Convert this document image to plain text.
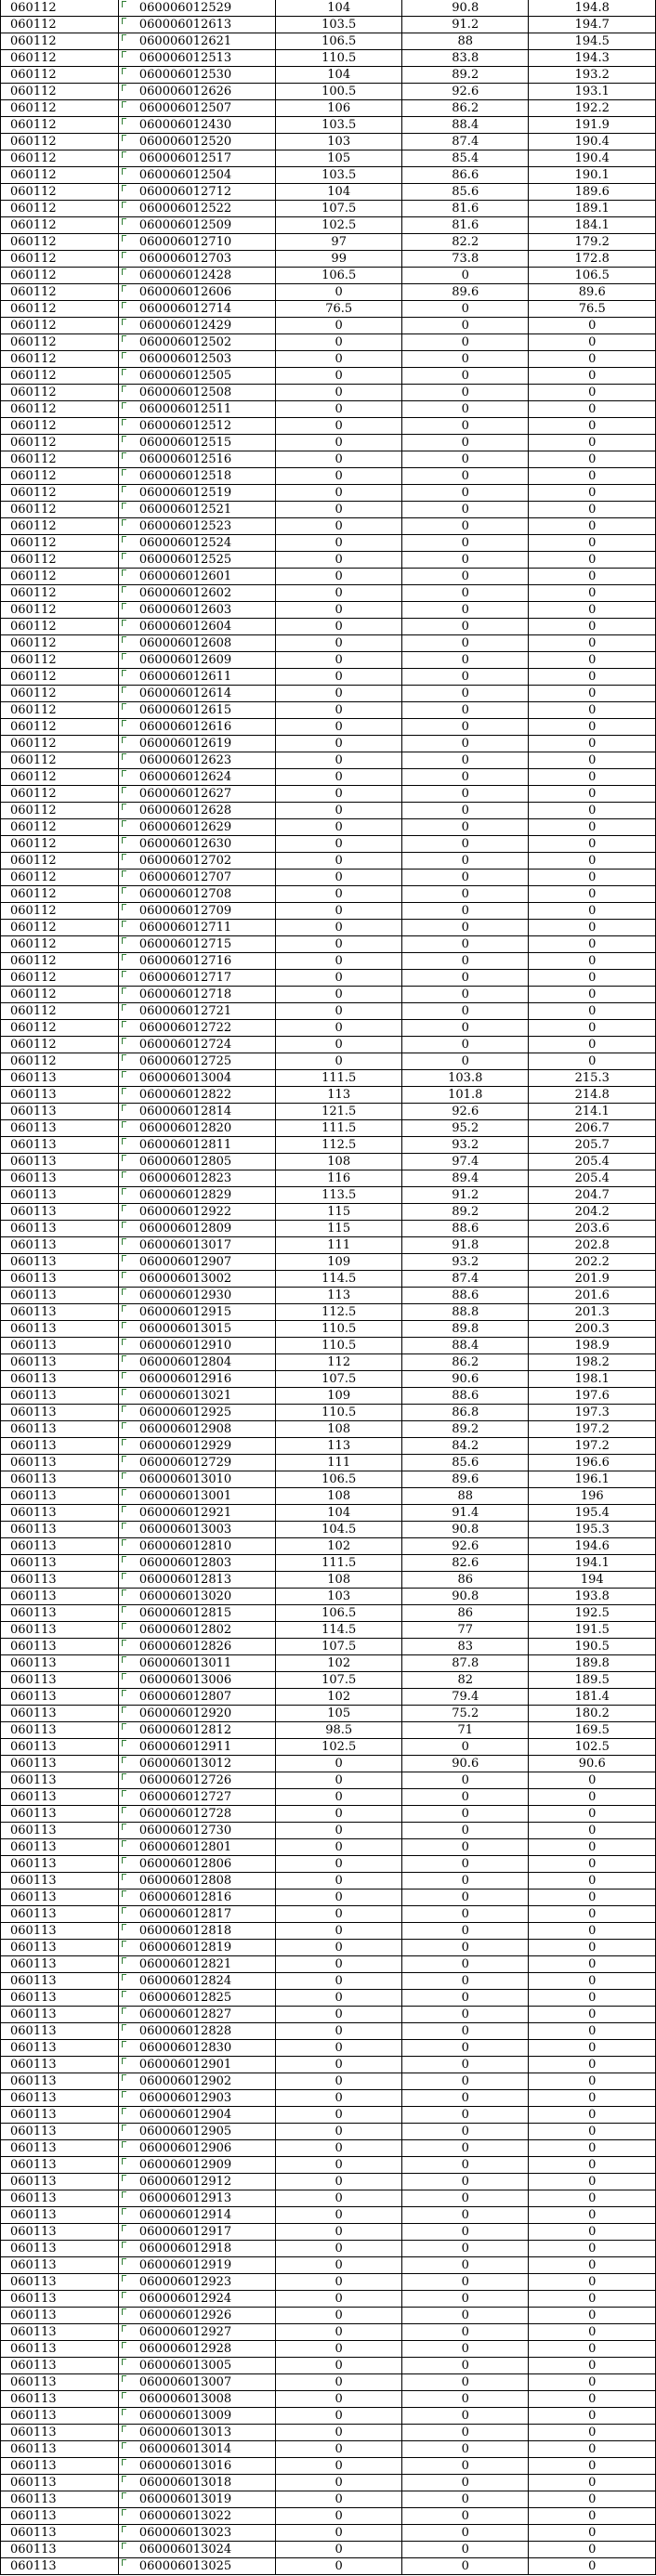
060112	060006012529	104	90.8	194.8
060112	060006012613	103.5	91.2	194.7
060112	060006012621	106.5	88	194.5
060112	060006012513	110.5	83.8	194.3
060112	060006012530	104	89.2	193.2
060112	060006012626	100.5	92.6	193.1
060112	060006012507	106	86.2	192.2
060112	060006012430	103.5	88.4	191.9
060112	060006012520	103	87.4	190.4
060112	060006012517	105	85.4	190.4
060112	060006012504	103.5	86.6	190.1
060112	060006012712	104	85.6	189.6
060112	060006012522	107.5	81.6	189.1
060112	060006012509	102.5	81.6	184.1
060112	060006012710	97	82.2	179.2
060112	060006012703	99	73.8	172.8
060112	060006012428	106.5	0	106.5
060112	060006012606	0	89.6	89.6
060112	060006012714	76.5	0	76.5
060112	060006012429	0	0	0
060112	060006012502	0	0	0
060112	060006012503	0	0	0
060112	060006012505	0	0	0
060112	060006012508	0	0	0
060112	060006012511	0	0	0
060112	060006012512	0	0	0
060112	060006012515	0	0	0
060112	060006012516	0	0	0
060112	060006012518	0	0	0
060112	060006012519	0	0	0
060112	060006012521	0	0	0
060112	060006012523	0	0	0
060112	060006012524	0	0	0
060112	060006012525	0	0	0
060112	060006012601	0	0	0
060112	060006012602	0	0	0
060112	060006012603	0	0	0
060112	060006012604	0	0	0
060112	060006012608	0	0	0
060112	060006012609	0	0	0
060112	060006012611	0	0	0
060112	060006012614	0	0	0
060112	060006012615	0	0	0
060112	060006012616	0	0	0
060112	060006012619	0	0	0
060112	060006012623	0	0	0
060112	060006012624	0	0	0
060112	060006012627	0	0	0
060112	060006012628	0	0	0
060112	060006012629	0	0	0
060112	060006012630	0	0	0
060112	060006012702	0	0	0
060112	060006012707	0	0	0
060112	060006012708	0	0	0
060112	060006012709	0	0	0
060112	060006012711	0	0	0
060112	060006012715	0	0	0
060112	060006012716	0	0	0
060112	060006012717	0	0	0
060112	060006012718	0	0	0
060112	060006012721	0	0	0
060112	060006012722	0	0	0
060112	060006012724	0	0	0
060112	060006012725	0	0	0
060113	060006013004	111.5	103.8	215.3
060113	060006012822	113	101.8	214.8
060113	060006012814	121.5	92.6	214.1
060113	060006012820	111.5	95.2	206.7
060113	060006012811	112.5	93.2	205.7
060113	060006012805	108	97.4	205.4
060113	060006012823	116	89.4	205.4
060113	060006012829	113.5	91.2	204.7
060113	060006012922	115	89.2	204.2
060113	060006012809	115	88.6	203.6
060113	060006013017	111	91.8	202.8
060113	060006012907	109	93.2	202.2
060113	060006013002	114.5	87.4	201.9
060113	060006012930	113	88.6	201.6
060113	060006012915	112.5	88.8	201.3
060113	060006013015	110.5	89.8	200.3
060113	060006012910	110.5	88.4	198.9
060113	060006012804	112	86.2	198.2
060113	060006012916	107.5	90.6	198.1
060113	060006013021	109	88.6	197.6
060113	060006012925	110.5	86.8	197.3
060113	060006012908	108	89.2	197.2
060113	060006012929	113	84.2	197.2
060113	060006012729	111	85.6	196.6
060113	060006013010	106.5	89.6	196.1
060113	060006013001	108	88	196
060113	060006012921	104	91.4	195.4
060113	060006013003	104.5	90.8	195.3
060113	060006012810	102	92.6	194.6
060113	060006012803	111.5	82.6	194.1
060113	060006012813	108	86	194
060113	060006013020	103	90.8	193.8
060113	060006012815	106.5	86	192.5
060113	060006012802	114.5	77	191.5
060113	060006012826	107.5	83	190.5
060113	060006013011	102	87.8	189.8
060113	060006013006	107.5	82	189.5
060113	060006012807	102	79.4	181.4
060113	060006012920	105	75.2	180.2
060113	060006012812	98.5	71	169.5
060113	060006012911	102.5	0	102.5
060113	060006013012	0	90.6	90.6
060113	060006012726	0	0	0
060113	060006012727	0	0	0
060113	060006012728	0	0	0
060113	060006012730	0	0	0
060113	060006012801	0	0	0
060113	060006012806	0	0	0
060113	060006012808	0	0	0
060113	060006012816	0	0	0
060113	060006012817	0	0	0
060113	060006012818	0	0	0
060113	060006012819	0	0	0
060113	060006012821	0	0	0
060113	060006012824	0	0	0
060113	060006012825	0	0	0
060113	060006012827	0	0	0
060113	060006012828	0	0	0
060113	060006012830	0	0	0
060113	060006012901	0	0	0
060113	060006012902	0	0	0
060113	060006012903	0	0	0
060113	060006012904	0	0	0
060113	060006012905	0	0	0
060113	060006012906	0	0	0
060113	060006012909	0	0	0
060113	060006012912	0	0	0
060113	060006012913	0	0	0
060113	060006012914	0	0	0
060113	060006012917	0	0	0
060113	060006012918	0	0	0
060113	060006012919	0	0	0
060113	060006012923	0	0	0
060113	060006012924	0	0	0
060113	060006012926	0	0	0
060113	060006012927	0	0	0
060113	060006012928	0	0	0
060113	060006013005	0	0	0
060113	060006013007	0	0	0
060113	060006013008	0	0	0
060113	060006013009	0	0	0
060113	060006013013	0	0	0
060113	060006013014	0	0	0
060113	060006013016	0	0	0
060113	060006013018	0	0	0
060113	060006013019	0	0	0
060113	060006013022	0	0	0
060113	060006013023	0	0	0
060113	060006013024	0	0	0
060113	060006013025	0	0	0
